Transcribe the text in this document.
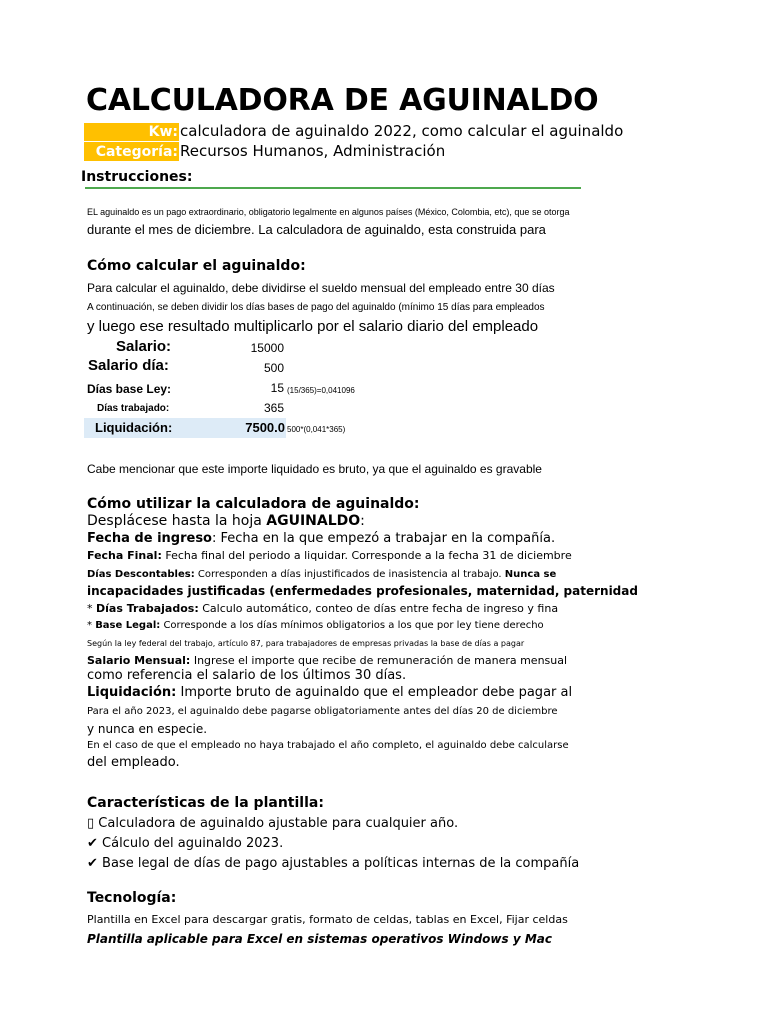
CALCULADORA DE AGUINALDO
Kw: calculadora de aguinaldo 2022, como calcular el aguinaldo
Categoría: Recursos Humanos, Administración
Instrucciones:
EL aguinaldo es un pago extraordinario, obligatorio legalmente en algunos países (México, Colombia, etc), que se otorga
durante el mes de diciembre. La calculadora de aguinaldo, esta construida para
Cómo calcular el aguinaldo:
Para calcular el aguinaldo, debe dividirse el sueldo mensual del empleado entre 30 días
A continuación, se deben dividir los días bases de pago del aguinaldo (mínimo 15 días para empleados
y luego ese resultado multiplicarlo por el salario diario del empleado
Salario:	15000
Salario día:	500
Días base Ley:	15 (15/365)=0,041096
Días trabajado:	365
Liquidación:	7500.0 500*(0,041*365)
Cabe mencionar que este importe liquidado es bruto, ya que el aguinaldo es gravable
Cómo utilizar la calculadora de aguinaldo:
Desplácese hasta la hoja AGUINALDO:
Fecha de ingreso: Fecha en la que empezó a trabajar en la compañía.
Fecha Final: Fecha final del periodo a liquidar. Corresponde a la fecha 31 de diciembre
Días Descontables: Corresponden a días injustificados de inasistencia al trabajo. Nunca se
incapacidades justificadas (enfermedades profesionales, maternidad, paternidad
* Días Trabajados: Calculo automático, conteo de días entre fecha de ingreso y fina
* Base Legal: Corresponde a los días mínimos obligatorios a los que por ley tiene derecho
Según la ley federal del trabajo, artículo 87, para trabajadores de empresas privadas la base de días a pagar
Salario Mensual: Ingrese el importe que recibe de remuneración de manera mensual
como referencia el salario de los últimos 30 días.
Liquidación: Importe bruto de aguinaldo que el empleador debe pagar al
Para el año 2023, el aguinaldo debe pagarse obligatoriamente antes del días 20 de diciembre
y nunca en especie.
En el caso de que el empleado no haya trabajado el año completo, el aguinaldo debe calcularse
del empleado.
Características de la plantilla:
▯ Calculadora de aguinaldo ajustable para cualquier año.
✔ Cálculo del aguinaldo 2023.
✔ Base legal de días de pago ajustables a políticas internas de la compañía
Tecnología:
Plantilla en Excel para descargar gratis, formato de celdas, tablas en Excel, Fijar celdas
Plantilla aplicable para Excel en sistemas operativos Windows y Mac
